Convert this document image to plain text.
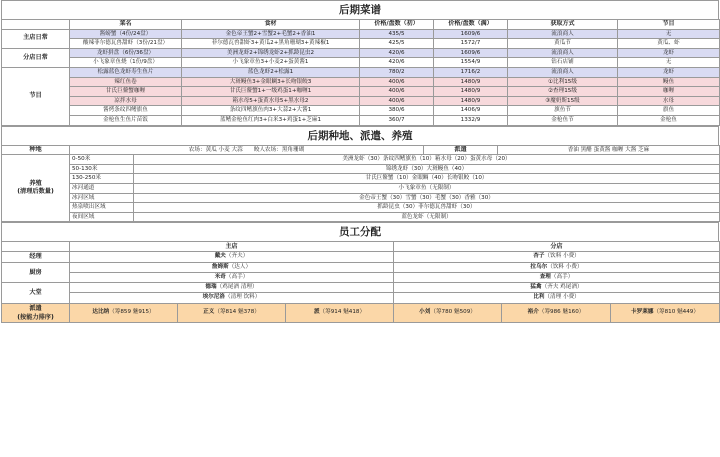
后期菜谱
	菜名	食材	价格/盘数（初）	价格/盘数（满）	获取方式	节目
主店日常	酱螃蟹（4份/24盘）	金色帝王蟹2+雪蟹2+毛蟹2+香油1	435/5	1609/6	流浪商人	无
	酸辣菲尔德瓦兽甜虾（3份/21盘）	菲尔德瓦兽甜虾3+黄瓜2+黑角珊瑚3+黄辣椒1	425/5	1572/7	黄瓜节	黄瓜、虾
分店日常	龙虾拼盘（6份/36盘）	美洲龙虾2+锦绣龙虾2+抓龄昆虫2	420/6	1609/6	流浪商人	龙虾
	小飞象章鱼烧（1份/9盘）	小飞象章鱼3+小麦2+蛋黄酱1	420/6	1554/9	钻石店铺	无
节目	松露蓝色龙虾寿生鱼片	蓝色龙虾2+松露1	780/2	1716/2	流浪商人	龙虾
	辣红鱼卷	大斑鳗鱼3+金眼鲷3+长吻银鲛3	400/6	1480/9	①比利15级	鳗鱼
	甘氏巨鳌蟹咖喱	甘氏巨鳌蟹1+一级鸡蛋1+咖喱1	400/6	1480/9	②查理15级	咖喱
	凉拌水母	箱水母5+蛋黄水母5+黑水母2	400/6	1480/9	③魔奶斯15级	水母
	酱烤条纹四鳍旗鱼	条纹四鳍旗鱼肉3+大蒜2+大酱1	380/6	1406/9	旗鱼节	旗鱼
	金枪鱼生鱼片苗饭	蓝鳍金枪鱼红肉3+白米3+鸡蛋1+芝麻1	360/7	1332/9	金枪鱼节	金枪鱼
后期种地、派遣、养殖
种地	农场：黄瓜 小麦 大蒜　　鲛人农场：黑角珊瑚		派遣	香油 黑醋 蛋黄酱 咖喱 大酱 芝麻

养殖
(清理后数量)	0-50米	美洲龙虾（30）条纹四鳍旗鱼（10）箱水母（20）蛋黄水母（20）		
	50-130米	锦绣龙虾（30）大斑鳗鱼（40）		
	130-250米	甘氏巨鳌蟹（10）金眼鲷（40）长吻银鲛（10）		
	冰河通道	小飞象章鱼（无限制）		
	冰河区域	金色帝王蟹（30）雪蟹（30）毛蟹（30）香雅（30）		
	热泉喷出区域	抓龄昆虫（30）菲尔德瓦兽甜虾（30）		
	夜间区域	蓝色龙虾（无限制）		
员工分配
	主店			分店		
经理	戴夫（齐夫）			杏子（饮料 小费）		
厨房	詹姆斯（达人）			拉乌尔（饮料 小费）		
	米奇（高手）			查理（高手）		
大堂	德瑞（鸡尾酒 清理）			猛禽（齐夫 鸡尾酒）		
	埃尔尼洛（清理 饮料）			比利（清理 小费）		

派遣
(按能力排序)	达比纳（筹859 魅915）	正义（筹814 魅378）	派（筹914 魅418）	小刘（筹780 魅509）	裕介（筹986 魅160）	卡罗莱娜（筹810 魅449）
